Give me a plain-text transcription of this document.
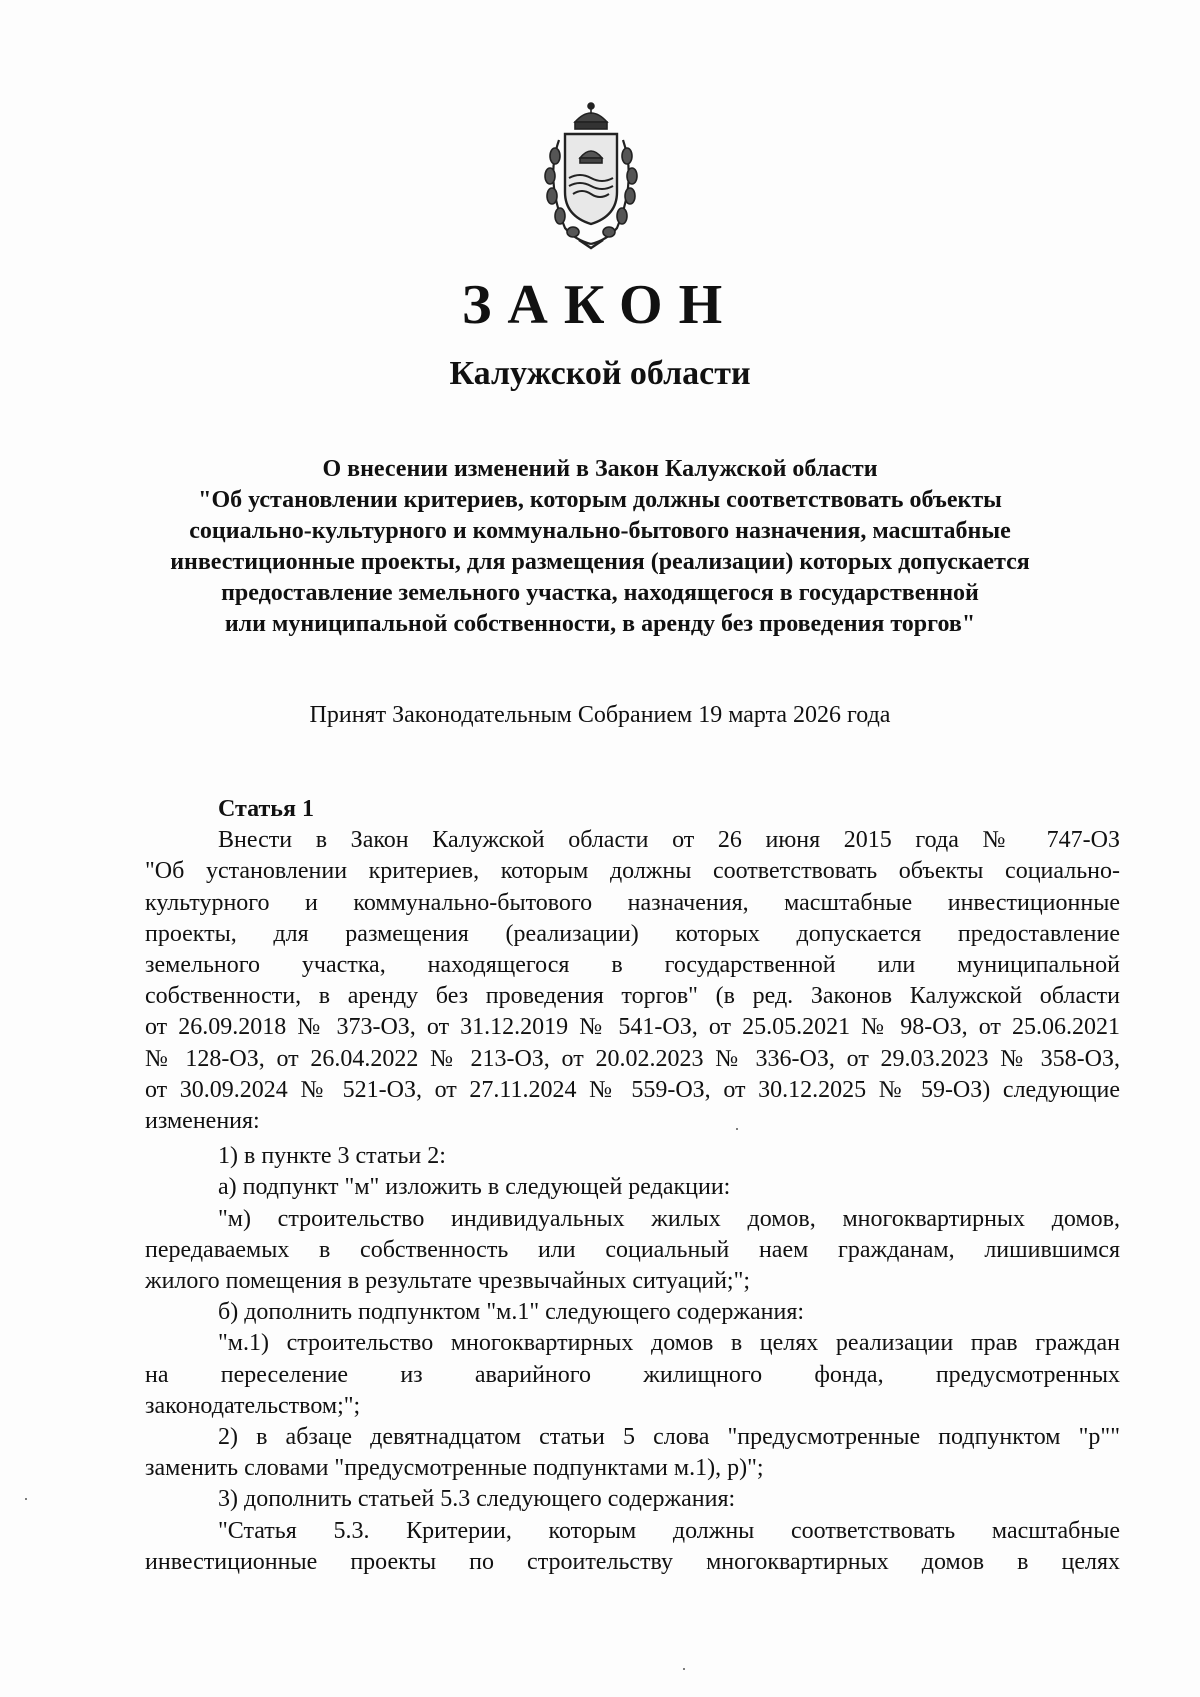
ЗАКОН
Калужской области
О внесении изменений в Закон Калужской области
"Об установлении критериев, которым должны соответствовать объекты
социально-культурного и коммунально-бытового назначения, масштабные
инвестиционные проекты, для размещения (реализации) которых допускается
предоставление земельного участка, находящегося в государственной
или муниципальной собственности, в аренду без проведения торгов"
Принят Законодательным Собранием 19 марта 2026 года
Статья 1
Внести в Закон Калужской области от 26 июня 2015 года № 747-ОЗ
"Об установлении критериев, которым должны соответствовать объекты социально-
культурного и коммунально-бытового назначения, масштабные инвестиционные
проекты, для размещения (реализации) которых допускается предоставление
земельного участка, находящегося в государственной или муниципальной
собственности, в аренду без проведения торгов" (в ред. Законов Калужской области
от 26.09.2018 № 373-ОЗ, от 31.12.2019 № 541-ОЗ, от 25.05.2021 № 98-ОЗ, от 25.06.2021
№ 128-ОЗ, от 26.04.2022 № 213-ОЗ, от 20.02.2023 № 336-ОЗ, от 29.03.2023 № 358-ОЗ,
от 30.09.2024 № 521-ОЗ, от 27.11.2024 № 559-ОЗ, от 30.12.2025 № 59-ОЗ) следующие
изменения:
1) в пункте 3 статьи 2:
а) подпункт "м" изложить в следующей редакции:
"м) строительство индивидуальных жилых домов, многоквартирных домов,
передаваемых в собственность или социальный наем гражданам, лишившимся
жилого помещения в результате чрезвычайных ситуаций;";
б) дополнить подпунктом "м.1" следующего содержания:
"м.1) строительство многоквартирных домов в целях реализации прав граждан
на переселение из аварийного жилищного фонда, предусмотренных
законодательством;";
2) в абзаце девятнадцатом статьи 5 слова "предусмотренные подпунктом "р""
заменить словами "предусмотренные подпунктами м.1), р)";
3) дополнить статьей 5.3 следующего содержания:
"Статья 5.3. Критерии, которым должны соответствовать масштабные
инвестиционные проекты по строительству многоквартирных домов в целях
